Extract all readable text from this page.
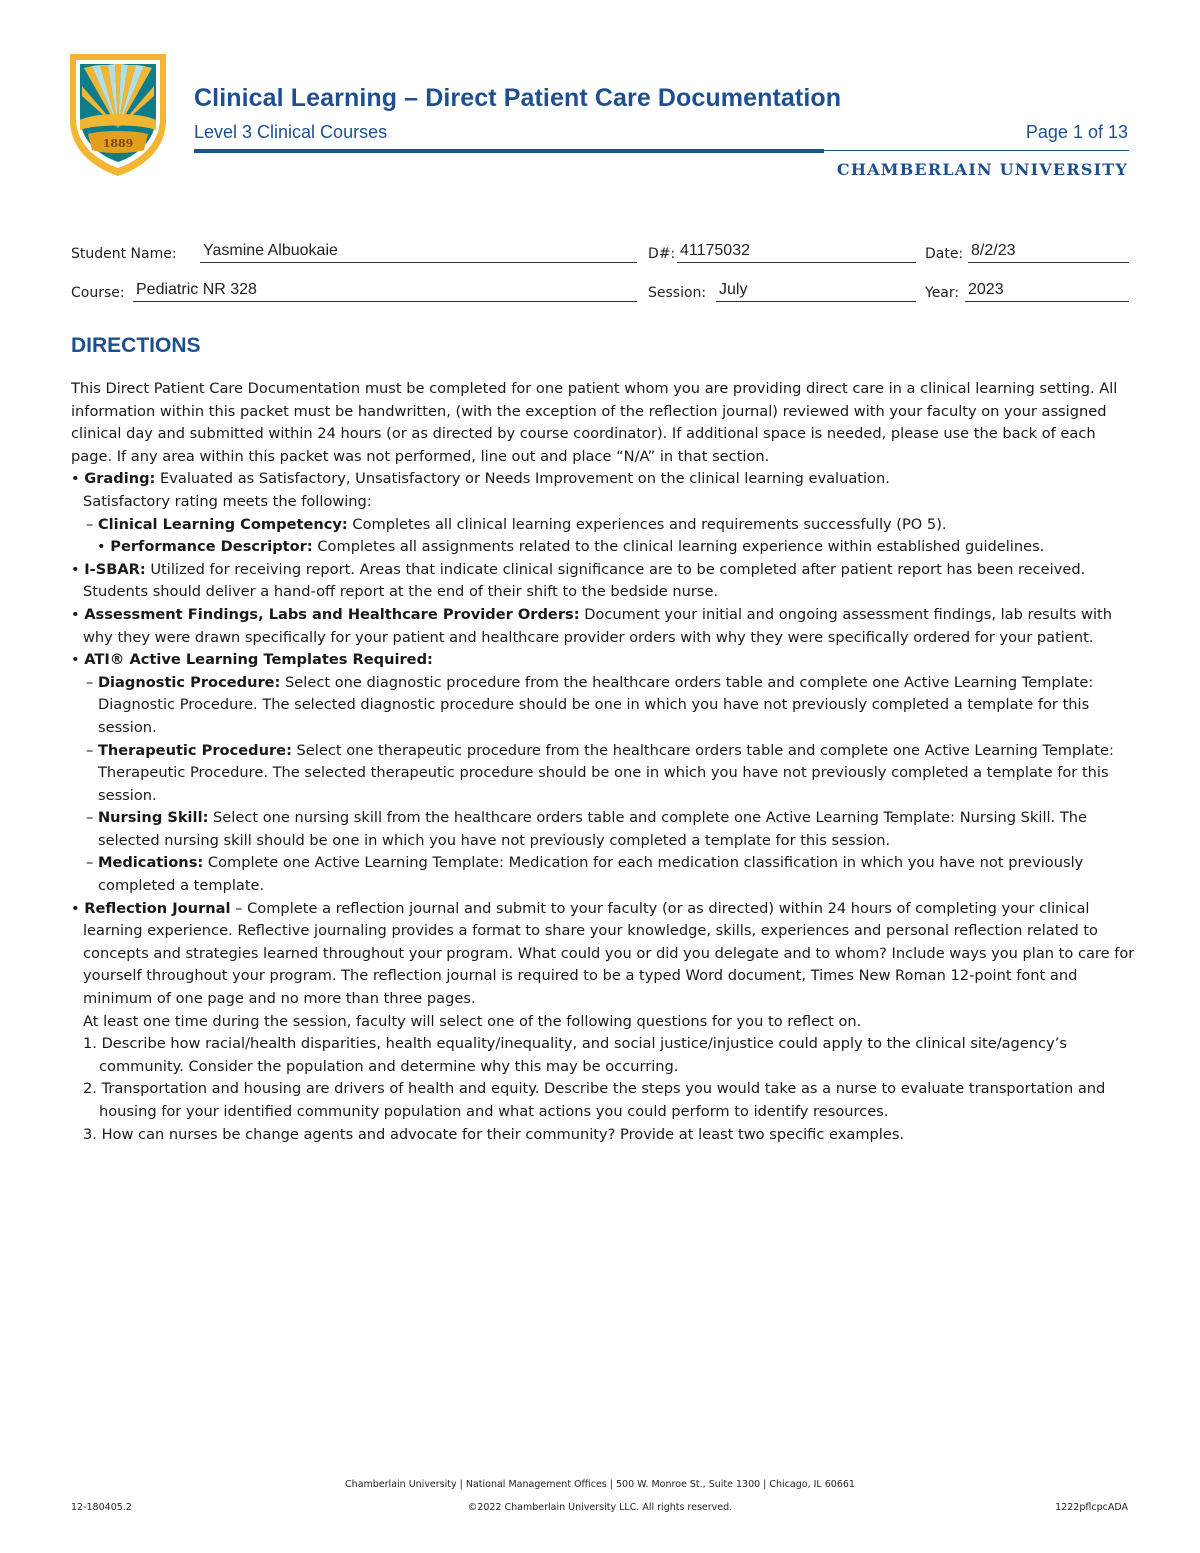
1889
Clinical Learning – Direct Patient Care Documentation
Level 3 Clinical Courses	Page 1 of 13
CHAMBERLAIN UNIVERSITY
Student Name: Yasmine Albuokaie	D#: 41175032	Date: 8/2/23
Course: Pediatric NR 328	Session: July	Year: 2023
DIRECTIONS

This Direct Patient Care Documentation must be completed for one patient whom you are providing direct care in a clinical learning setting. All information within this packet must be handwritten, (with the exception of the reflection journal) reviewed with your faculty on your assigned clinical day and submitted within 24 hours (or as directed by course coordinator). If additional space is needed, please use the back of each page. If any area within this packet was not performed, line out and place “N/A” in that section.

• Grading: Evaluated as Satisfactory, Unsatisfactory or Needs Improvement on the clinical learning evaluation.
Satisfactory rating meets the following:

– Clinical Learning Competency: Completes all clinical learning experiences and requirements successfully (PO 5).

• Performance Descriptor: Completes all assignments related to the clinical learning experience within established guidelines.

• I-SBAR: Utilized for receiving report. Areas that indicate clinical significance are to be completed after patient report has been received. Students should deliver a hand-off report at the end of their shift to the bedside nurse.

• Assessment Findings, Labs and Healthcare Provider Orders: Document your initial and ongoing assessment findings, lab results with why they were drawn specifically for your patient and healthcare provider orders with why they were specifically ordered for your patient.

• ATI® Active Learning Templates Required:

– Diagnostic Procedure: Select one diagnostic procedure from the healthcare orders table and complete one Active Learning Template: Diagnostic Procedure. The selected diagnostic procedure should be one in which you have not previously completed a template for this session.

– Therapeutic Procedure: Select one therapeutic procedure from the healthcare orders table and complete one Active Learning Template: Therapeutic Procedure. The selected therapeutic procedure should be one in which you have not previously completed a template for this session.

– Nursing Skill: Select one nursing skill from the healthcare orders table and complete one Active Learning Template: Nursing Skill. The selected nursing skill should be one in which you have not previously completed a template for this session.

– Medications: Complete one Active Learning Template: Medication for each medication classification in which you have not previously completed a template.

• Reflection Journal – Complete a reflection journal and submit to your faculty (or as directed) within 24 hours of completing your clinical learning experience. Reflective journaling provides a format to share your knowledge, skills, experiences and personal reflection related to concepts and strategies learned throughout your program. What could you or did you delegate and to whom? Include ways you plan to care for yourself throughout your program. The reflection journal is required to be a typed Word document, Times New Roman 12-point font and minimum of one page and no more than three pages.

At least one time during the session, faculty will select one of the following questions for you to reflect on.

1. Describe how racial/health disparities, health equality/inequality, and social justice/injustice could apply to the clinical site/agency’s community. Consider the population and determine why this may be occurring.

2. Transportation and housing are drivers of health and equity. Describe the steps you would take as a nurse to evaluate transportation and housing for your identified community population and what actions you could perform to identify resources.

3. How can nurses be change agents and advocate for their community? Provide at least two specific examples.

Chamberlain University | National Management Offices | 500 W. Monroe St., Suite 1300 | Chicago, IL 60661
©2022 Chamberlain University LLC. All rights reserved.
12-180405.2	1222pflcpcADA
